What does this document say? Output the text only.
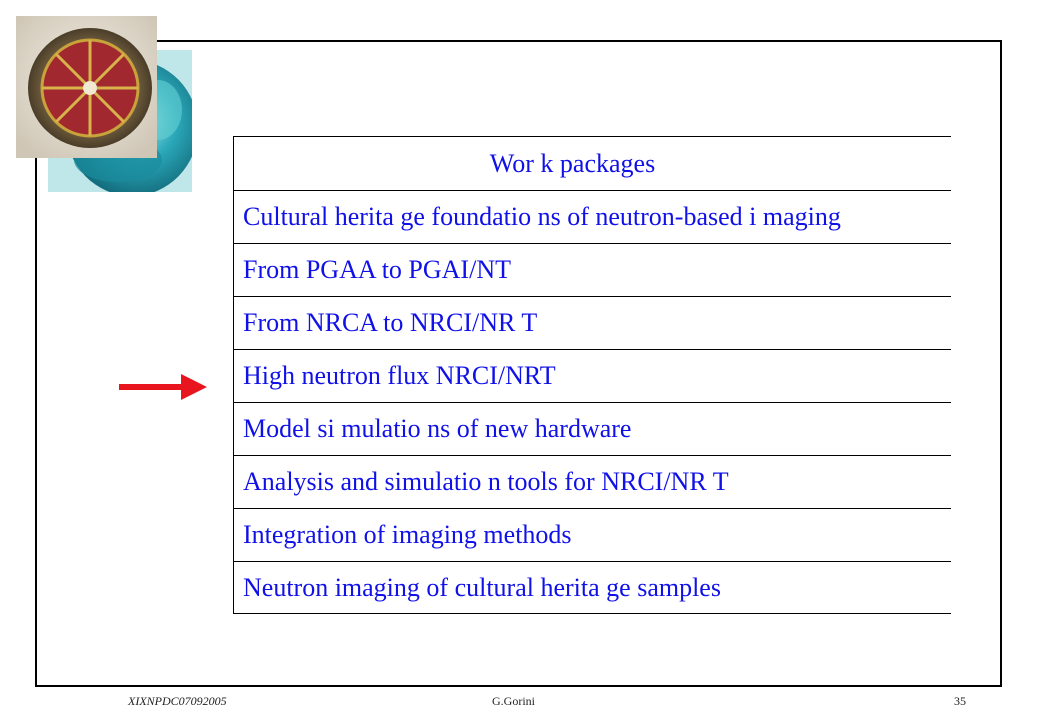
Wor k packages
Cultural herita ge foundatio ns of neutron-based i maging
From PGAA to PGAI/NT
From NRCA to NRCI/NR T
High neutron flux NRCI/NRT
Model si mulatio ns of new hardware
Analysis and simulatio n tools for NRCI/NR T
Integration of imaging methods
Neutron imaging of cultural herita ge samples
XIXNPDC07092005	G.Gorini	35
